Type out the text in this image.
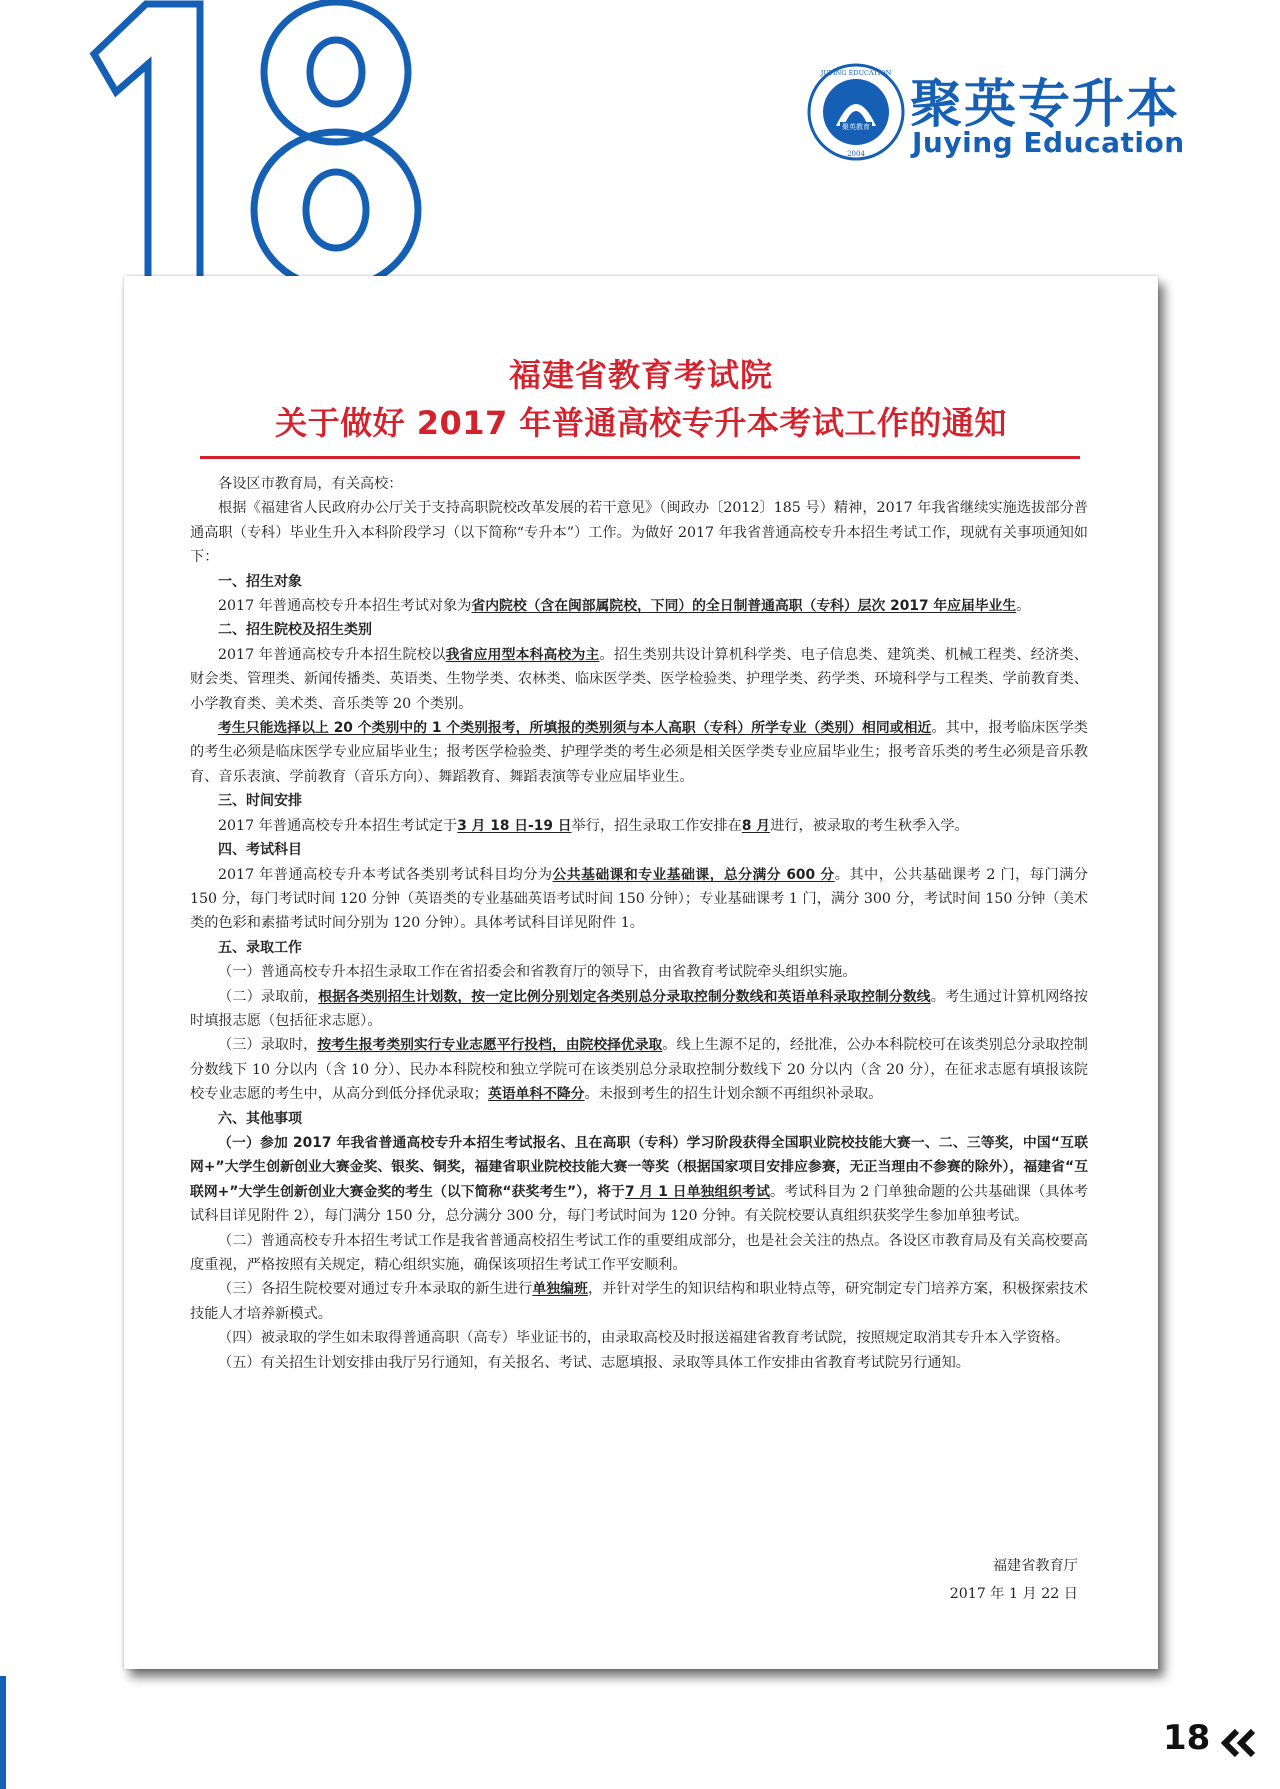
聚英教育
2004
JUYING EDUCATION
聚英专升本
Juying Education
福建省教育考试院
关于做好 2017 年普通高校专升本考试工作的通知

各设区市教育局，有关高校：

根据《福建省人民政府办公厅关于支持高职院校改革发展的若干意见》（闽政办〔2012〕185 号）精神，2017 年我省继续实施选拔部分普通高职（专科）毕业生升入本科阶段学习（以下简称“专升本”）工作。为做好 2017 年我省普通高校专升本招生考试工作，现就有关事项通知如下：

一、招生对象

2017 年普通高校专升本招生考试对象为省内院校（含在闽部属院校，下同）的全日制普通高职（专科）层次 2017 年应届毕业生。

二、招生院校及招生类别

2017 年普通高校专升本招生院校以我省应用型本科高校为主。招生类别共设计算机科学类、电子信息类、建筑类、机械工程类、经济类、财会类、管理类、新闻传播类、英语类、生物学类、农林类、临床医学类、医学检验类、护理学类、药学类、环境科学与工程类、学前教育类、小学教育类、美术类、音乐类等 20 个类别。

考生只能选择以上 20 个类别中的 1 个类别报考，所填报的类别须与本人高职（专科）所学专业（类别）相同或相近。其中，报考临床医学类的考生必须是临床医学专业应届毕业生；报考医学检验类、护理学类的考生必须是相关医学类专业应届毕业生；报考音乐类的考生必须是音乐教育、音乐表演、学前教育（音乐方向）、舞蹈教育、舞蹈表演等专业应届毕业生。

三、时间安排

2017 年普通高校专升本招生考试定于3 月 18 日-19 日举行，招生录取工作安排在8 月进行，被录取的考生秋季入学。

四、考试科目

2017 年普通高校专升本考试各类别考试科目均分为公共基础课和专业基础课，总分满分 600 分。其中，公共基础课考 2 门，每门满分 150 分，每门考试时间 120 分钟（英语类的专业基础英语考试时间 150 分钟）；专业基础课考 1 门，满分 300 分，考试时间 150 分钟（美术类的色彩和素描考试时间分别为 120 分钟）。具体考试科目详见附件 1。

五、录取工作

（一）普通高校专升本招生录取工作在省招委会和省教育厅的领导下，由省教育考试院牵头组织实施。

（二）录取前，根据各类别招生计划数，按一定比例分别划定各类别总分录取控制分数线和英语单科录取控制分数线。考生通过计算机网络按时填报志愿（包括征求志愿）。

（三）录取时，按考生报考类别实行专业志愿平行投档，由院校择优录取。线上生源不足的，经批准，公办本科院校可在该类别总分录取控制分数线下 10 分以内（含 10 分）、民办本科院校和独立学院可在该类别总分录取控制分数线下 20 分以内（含 20 分），在征求志愿有填报该院校专业志愿的考生中，从高分到低分择优录取；英语单科不降分。未报到考生的招生计划余额不再组织补录取。

六、其他事项

（一）参加 2017 年我省普通高校专升本招生考试报名、且在高职（专科）学习阶段获得全国职业院校技能大赛一、二、三等奖，中国“互联网+”大学生创新创业大赛金奖、银奖、铜奖，福建省职业院校技能大赛一等奖（根据国家项目安排应参赛，无正当理由不参赛的除外），福建省“互联网+”大学生创新创业大赛金奖的考生（以下简称“获奖考生”），将于7 月 1 日单独组织考试。考试科目为 2 门单独命题的公共基础课（具体考试科目详见附件 2），每门满分 150 分，总分满分 300 分，每门考试时间为 120 分钟。有关院校要认真组织获奖学生参加单独考试。

（二）普通高校专升本招生考试工作是我省普通高校招生考试工作的重要组成部分，也是社会关注的热点。各设区市教育局及有关高校要高度重视，严格按照有关规定，精心组织实施，确保该项招生考试工作平安顺利。

（三）各招生院校要对通过专升本录取的新生进行单独编班，并针对学生的知识结构和职业特点等，研究制定专门培养方案，积极探索技术技能人才培养新模式。

（四）被录取的学生如未取得普通高职（高专）毕业证书的，由录取高校及时报送福建省教育考试院，按照规定取消其专升本入学资格。

（五）有关招生计划安排由我厅另行通知，有关报名、考试、志愿填报、录取等具体工作安排由省教育考试院另行通知。

福建省教育厅
2017 年 1 月 22 日
18
